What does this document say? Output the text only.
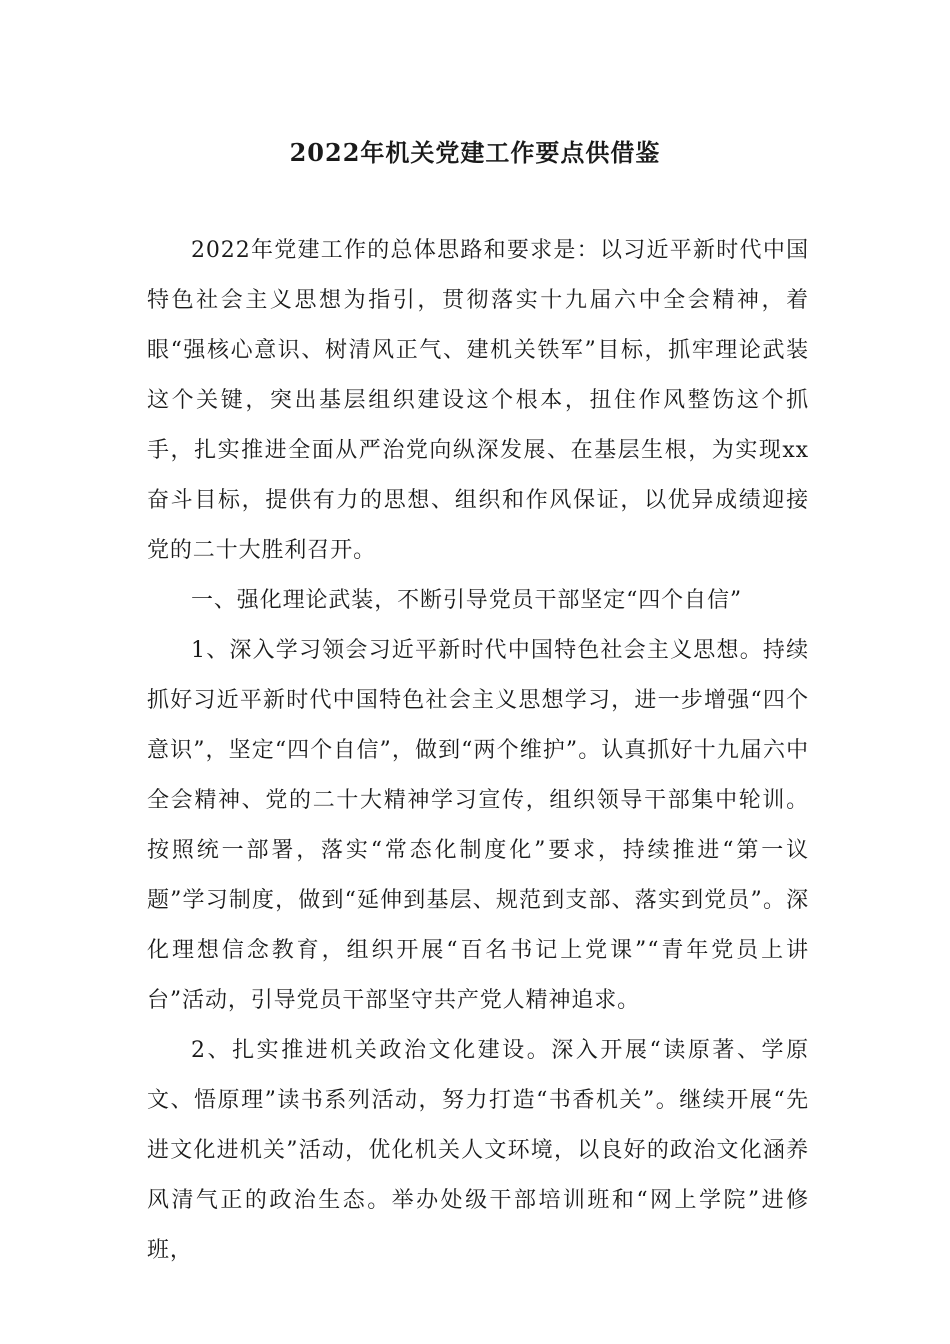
2022年机关党建工作要点供借鉴

2022年党建工作的总体思路和要求是：以习近平新时代中国特色社会主义思想为指引，贯彻落实十九届六中全会精神，着眼“强核心意识、树清风正气、建机关铁军”目标，抓牢理论武装这个关键，突出基层组织建设这个根本，扭住作风整饬这个抓手，扎实推进全面从严治党向纵深发展、在基层生根，为实现xx奋斗目标，提供有力的思想、组织和作风保证，以优异成绩迎接党的二十大胜利召开。

一、强化理论武装，不断引导党员干部坚定“四个自信”

1、深入学习领会习近平新时代中国特色社会主义思想。持续抓好习近平新时代中国特色社会主义思想学习，进一步增强“四个意识”，坚定“四个自信”，做到“两个维护”。认真抓好十九届六中全会精神、党的二十大精神学习宣传，组织领导干部集中轮训。按照统一部署，落实“常态化制度化”要求，持续推进“第一议题”学习制度，做到“延伸到基层、规范到支部、落实到党员”。深化理想信念教育，组织开展“百名书记上党课”“青年党员上讲台”活动，引导党员干部坚守共产党人精神追求。

2、扎实推进机关政治文化建设。深入开展“读原著、学原文、悟原理”读书系列活动，努力打造“书香机关”。继续开展“先进文化进机关”活动，优化机关人文环境，以良好的政治文化涵养风清气正的政治生态。举办处级干部培训班和“网上学院”进修班，
